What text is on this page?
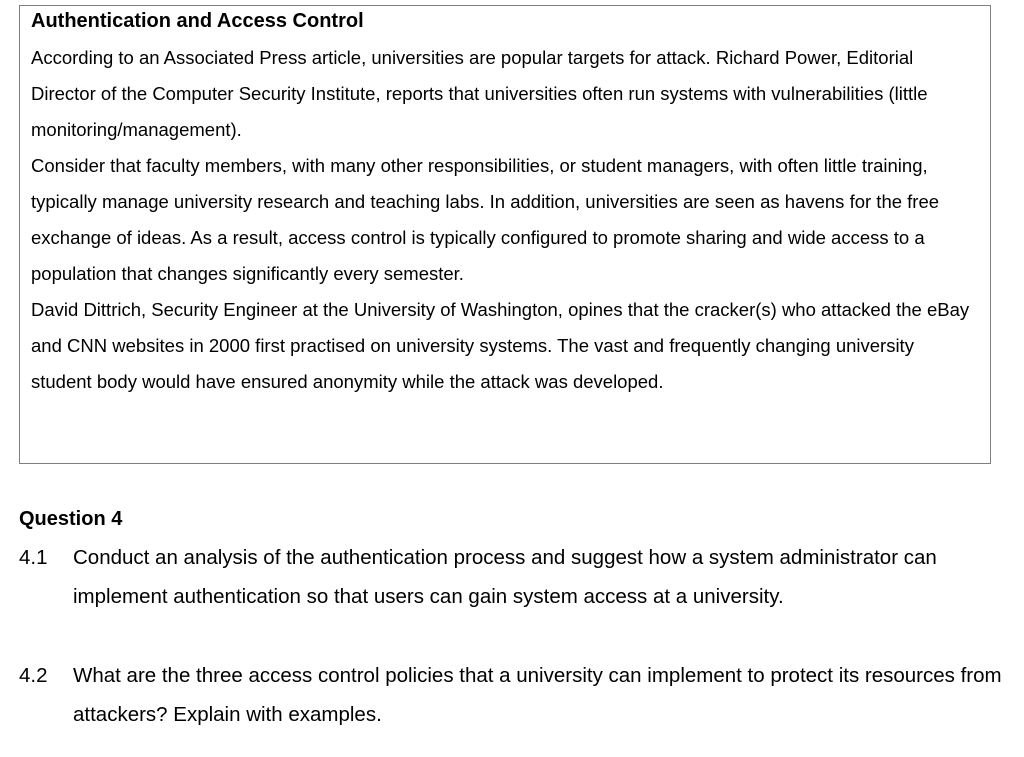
Authentication and Access Control

According to an Associated Press article, universities are popular targets for attack. Richard Power, Editorial Director of the Computer Security Institute, reports that universities often run systems with vulnerabilities (little monitoring/management).

Consider that faculty members, with many other responsibilities, or student managers, with often little training, typically manage university research and teaching labs. In addition, universities are seen as havens for the free exchange of ideas. As a result, access control is typically configured to promote sharing and wide access to a population that changes significantly every semester.

David Dittrich, Security Engineer at the University of Washington, opines that the cracker(s) who attacked the eBay and CNN websites in 2000 first practised on university systems. The vast and frequently changing university student body would have ensured anonymity while the attack was developed.

Question 4
4.1 Conduct an analysis of the authentication process and suggest how a system administrator can implement authentication so that users can gain system access at a university.
4.2 What are the three access control policies that a university can implement to protect its resources from attackers? Explain with examples.
